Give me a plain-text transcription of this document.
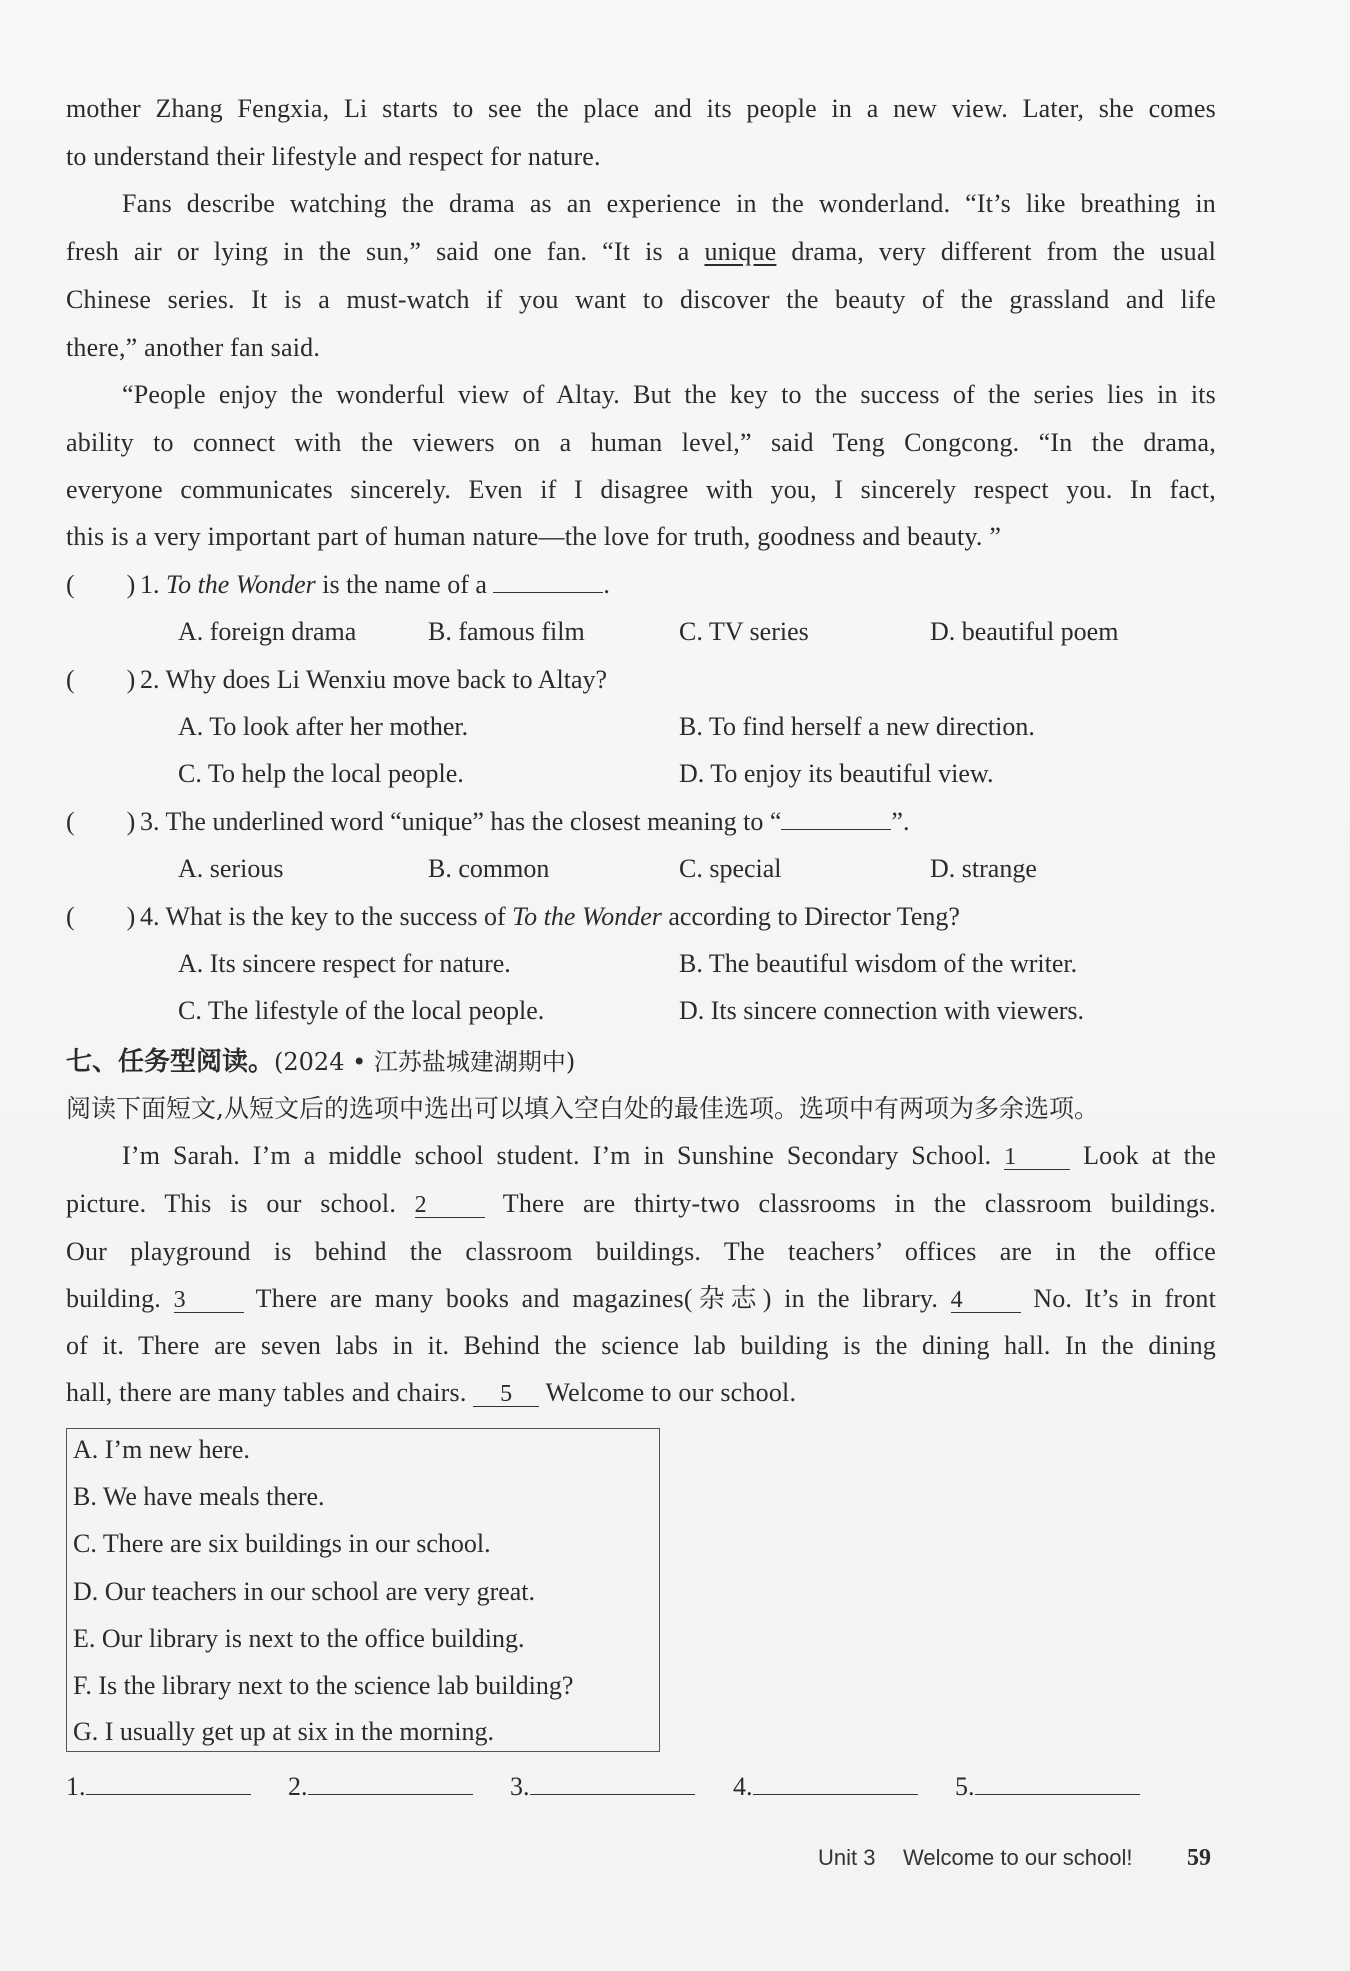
mother Zhang Fengxia, Li starts to see the place and its people in a new view. Later, she comes
to understand their lifestyle and respect for nature.
Fans describe watching the drama as an experience in the wonderland. “It’s like breathing in
fresh air or lying in the sun,” said one fan. “It is a unique drama, very different from the usual
Chinese series. It is a must-watch if you want to discover the beauty of the grassland and life
there,” another fan said.
“People enjoy the wonderful view of Altay. But the key to the success of the series lies in its
ability to connect with the viewers on a human level,” said Teng Congcong. “In the drama,
everyone communicates sincerely. Even if I disagree with you, I sincerely respect you. In fact,
this is a very important part of human nature—the love for truth, goodness and beauty. ”
(　　) 1. To the Wonder is the name of a	.
A. foreign drama	B. famous film	C. TV series	D. beautiful poem
(　　) 2. Why does Li Wenxiu move back to Altay?
A. To look after her mother.	B. To find herself a new direction.
C. To help the local people.	D. To enjoy its beautiful view.
(　　) 3. The underlined word “unique” has the closest meaning to “	”.
A. serious	B. common	C. special	D. strange
(　　) 4. What is the key to the success of To the Wonder according to Director Teng?
A. Its sincere respect for nature.	B. The beautiful wisdom of the writer.
C. The lifestyle of the local people.	D. Its sincere connection with viewers.
七、任务型阅读。(2024 • 江苏盐城建湖期中)
阅读下面短文,从短文后的选项中选出可以填入空白处的最佳选项。选项中有两项为多余选项。
I’m Sarah. I’m a middle school student. I’m in Sunshine Secondary School. 1 Look at the
picture. This is our school. 2 There are thirty-two classrooms in the classroom buildings.
Our playground is behind the classroom buildings. The teachers’ offices are in the office
building. 3 There are many books and magazines(杂志) in the library. 4 No. It’s in front
of it. There are seven labs in it. Behind the science lab building is the dining hall. In the dining
hall, there are many tables and chairs. 5 Welcome to our school.
A. I’m new here.
B. We have meals there.
C. There are six buildings in our school.
D. Our teachers in our school are very great.
E. Our library is next to the office building.
F. Is the library next to the science lab building?
G. I usually get up at six in the morning.
1.	2.	3.	4.	5.
Unit 3 Welcome to our school! 59
